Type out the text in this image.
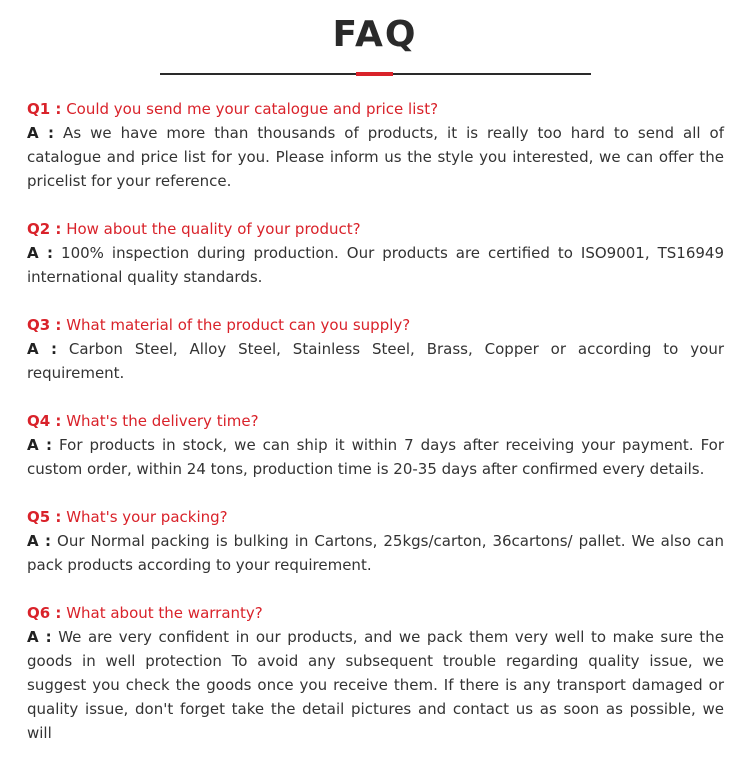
FAQ
Q1 : Could you send me your catalogue and price list?
A : As we have more than thousands of products, it is really too hard to send all of catalogue and price list for you. Please inform us the style you interested, we can offer the pricelist for your reference.
Q2 : How about the quality of your product?
A : 100% inspection during production. Our products are certified to ISO9001, TS16949 international quality standards.
Q3 : What material of the product can you supply?
A : Carbon Steel, Alloy Steel, Stainless Steel, Brass, Copper or according to your requirement.
Q4 : What's the delivery time?
A : For products in stock, we can ship it within 7 days after receiving your payment. For custom order, within 24 tons, production time is 20-35 days after confirmed every details.
Q5 : What's your packing?
A : Our Normal packing is bulking in Cartons, 25kgs/carton, 36cartons/ pallet. We also can pack products according to your requirement.
Q6 : What about the warranty?
A : We are very confident in our products, and we pack them very well to make sure the goods in well protection To avoid any subsequent trouble regarding quality issue, we suggest you check the goods once you receive them. If there is any transport damaged or quality issue, don't forget take the detail pictures and contact us as soon as possible, we will
